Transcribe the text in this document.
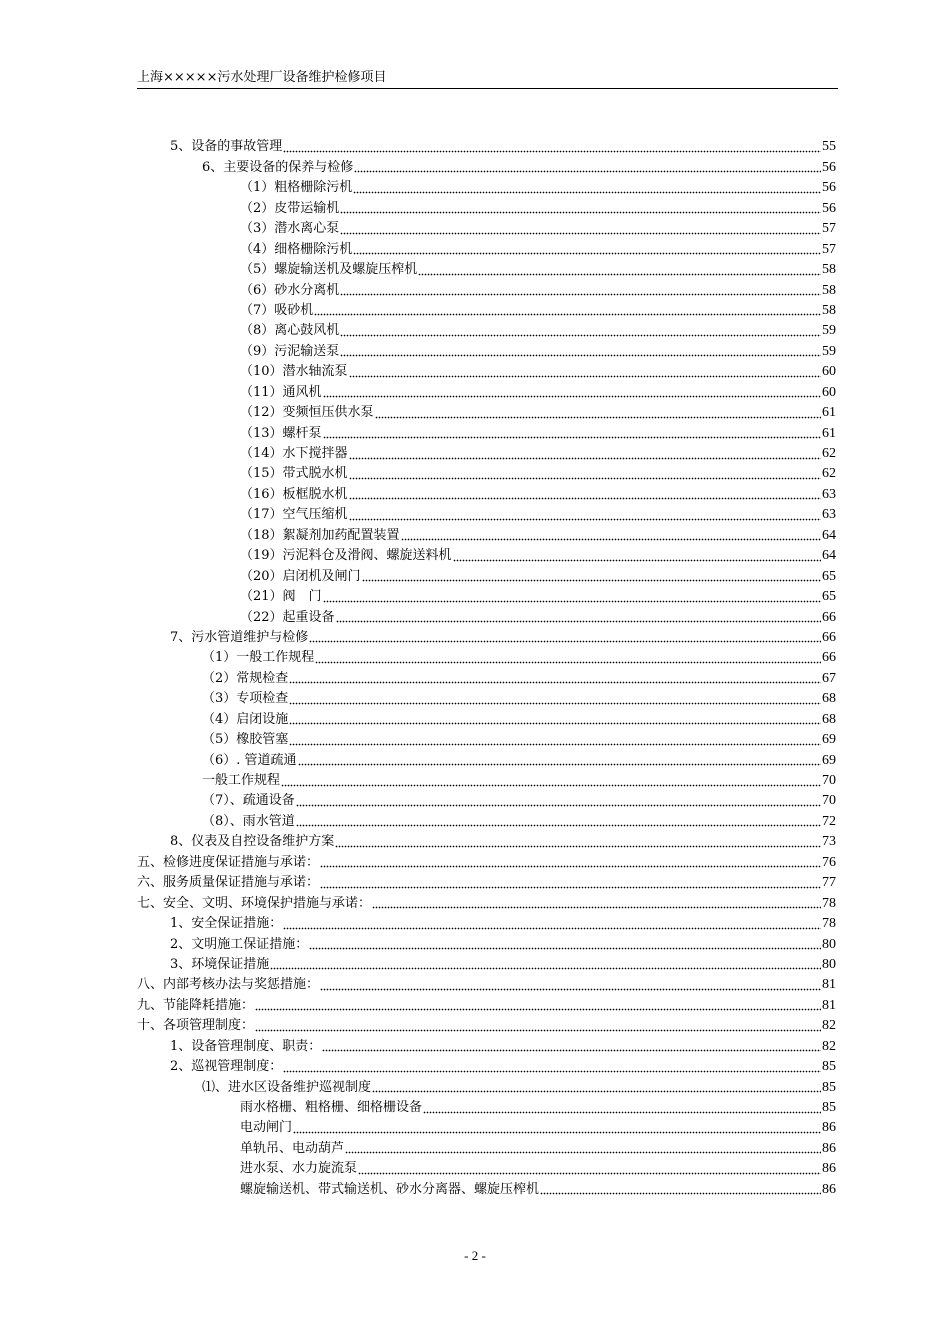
上海×××××污水处理厂设备维护检修项目
5、设备的事故管理	55
6、主要设备的保养与检修	56
（1）粗格栅除污机	56
（2）皮带运输机	56
（3）潜水离心泵	57
（4）细格栅除污机	57
（5）螺旋输送机及螺旋压榨机	58
（6）砂水分离机	58
（7）吸砂机	58
（8）离心鼓风机	59
（9）污泥输送泵	59
（10）潜水轴流泵	60
（11）通风机	60
（12）变频恒压供水泵	61
（13）螺杆泵	61
（14）水下搅拌器	62
（15）带式脱水机	62
（16）板框脱水机	63
（17）空气压缩机	63
（18）絮凝剂加药配置装置	64
（19）污泥料仓及滑阀、螺旋送料机	64
（20）启闭机及闸门	65
（21）阀　门	65
（22）起重设备	66
7、污水管道维护与检修	66
（1）一般工作规程	66
（2）常规检查	67
（3）专项检查	68
（4）启闭设施	68
（5）橡胶管塞	69
（6）. 管道疏通	69
一般工作规程	70
（7）、疏通设备	70
（8）、雨水管道	72
8、仪表及自控设备维护方案	73
五、检修进度保证措施与承诺：	76
六、服务质量保证措施与承诺：	77
七、安全、文明、环境保护措施与承诺：	78
1、安全保证措施：	78
2、文明施工保证措施：	80
3、环境保证措施	80
八、内部考核办法与奖惩措施：	81
九、节能降耗措施：	81
十、各项管理制度：	82
1、设备管理制度、职责：	82
2、巡视管理制度：	85
⑴、进水区设备维护巡视制度	85
雨水格栅、粗格栅、细格栅设备	85
电动闸门	86
单轨吊、电动葫芦	86
进水泵、水力旋流泵	86
螺旋输送机、带式输送机、砂水分离器、螺旋压榨机	86
- 2 -
